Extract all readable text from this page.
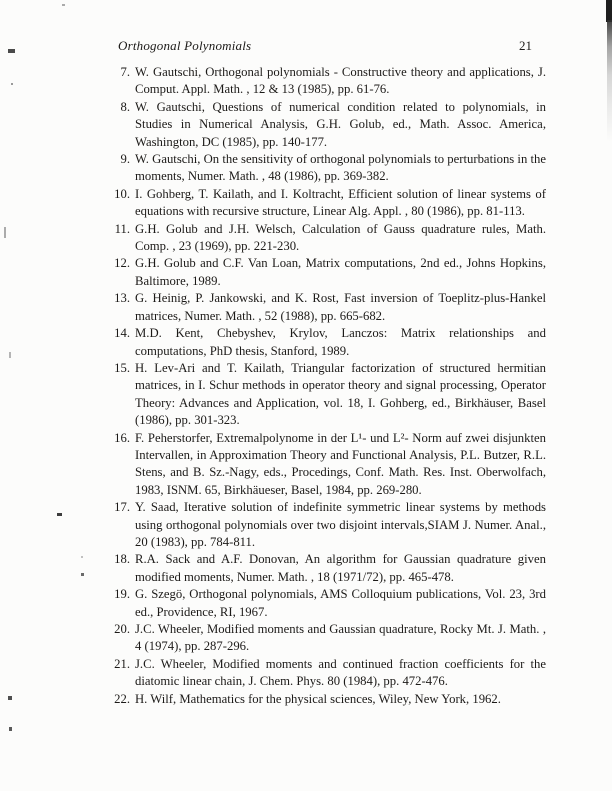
Orthogonal Polynomials	21
7. W. Gautschi, Orthogonal polynomials - Constructive theory and applications, J. Comput. Appl. Math. , 12 & 13 (1985), pp. 61-76.
8. W. Gautschi, Questions of numerical condition related to polynomials, in Studies in Numerical Analysis, G.H. Golub, ed., Math. Assoc. America, Washington, DC (1985), pp. 140-177.
9. W. Gautschi, On the sensitivity of orthogonal polynomials to perturbations in the moments, Numer. Math. , 48 (1986), pp. 369-382.
10. I. Gohberg, T. Kailath, and I. Koltracht, Efficient solution of linear systems of equations with recursive structure, Linear Alg. Appl. , 80 (1986), pp. 81-113.
11. G.H. Golub and J.H. Welsch, Calculation of Gauss quadrature rules, Math. Comp. , 23 (1969), pp. 221-230.
12. G.H. Golub and C.F. Van Loan, Matrix computations, 2nd ed., Johns Hopkins, Baltimore, 1989.
13. G. Heinig, P. Jankowski, and K. Rost, Fast inversion of Toeplitz-plus-Hankel matrices, Numer. Math. , 52 (1988), pp. 665-682.
14. M.D. Kent, Chebyshev, Krylov, Lanczos: Matrix relationships and computations, PhD thesis, Stanford, 1989.
15. H. Lev-Ari and T. Kailath, Triangular factorization of structured hermitian matrices, in I. Schur methods in operator theory and signal processing, Operator Theory: Advances and Application, vol. 18, I. Gohberg, ed., Birkhäuser, Basel (1986), pp. 301-323.
16. F. Peherstorfer, Extremalpolynome in der L¹- und L²- Norm auf zwei disjunkten Intervallen, in Approximation Theory and Functional Analysis, P.L. Butzer, R.L. Stens, and B. Sz.-Nagy, eds., Procedings, Conf. Math. Res. Inst. Oberwolfach, 1983, ISNM. 65, Birkhäueser, Basel, 1984, pp. 269-280.
17. Y. Saad, Iterative solution of indefinite symmetric linear systems by methods using orthogonal polynomials over two disjoint intervals,SIAM J. Numer. Anal., 20 (1983), pp. 784-811.
18. R.A. Sack and A.F. Donovan, An algorithm for Gaussian quadrature given modified moments, Numer. Math. , 18 (1971/72), pp. 465-478.
19. G. Szegö, Orthogonal polynomials, AMS Colloquium publications, Vol. 23, 3rd ed., Providence, RI, 1967.
20. J.C. Wheeler, Modified moments and Gaussian quadrature, Rocky Mt. J. Math. , 4 (1974), pp. 287-296.
21. J.C. Wheeler, Modified moments and continued fraction coefficients for the diatomic linear chain, J. Chem. Phys. 80 (1984), pp. 472-476.
22. H. Wilf, Mathematics for the physical sciences, Wiley, New York, 1962.
